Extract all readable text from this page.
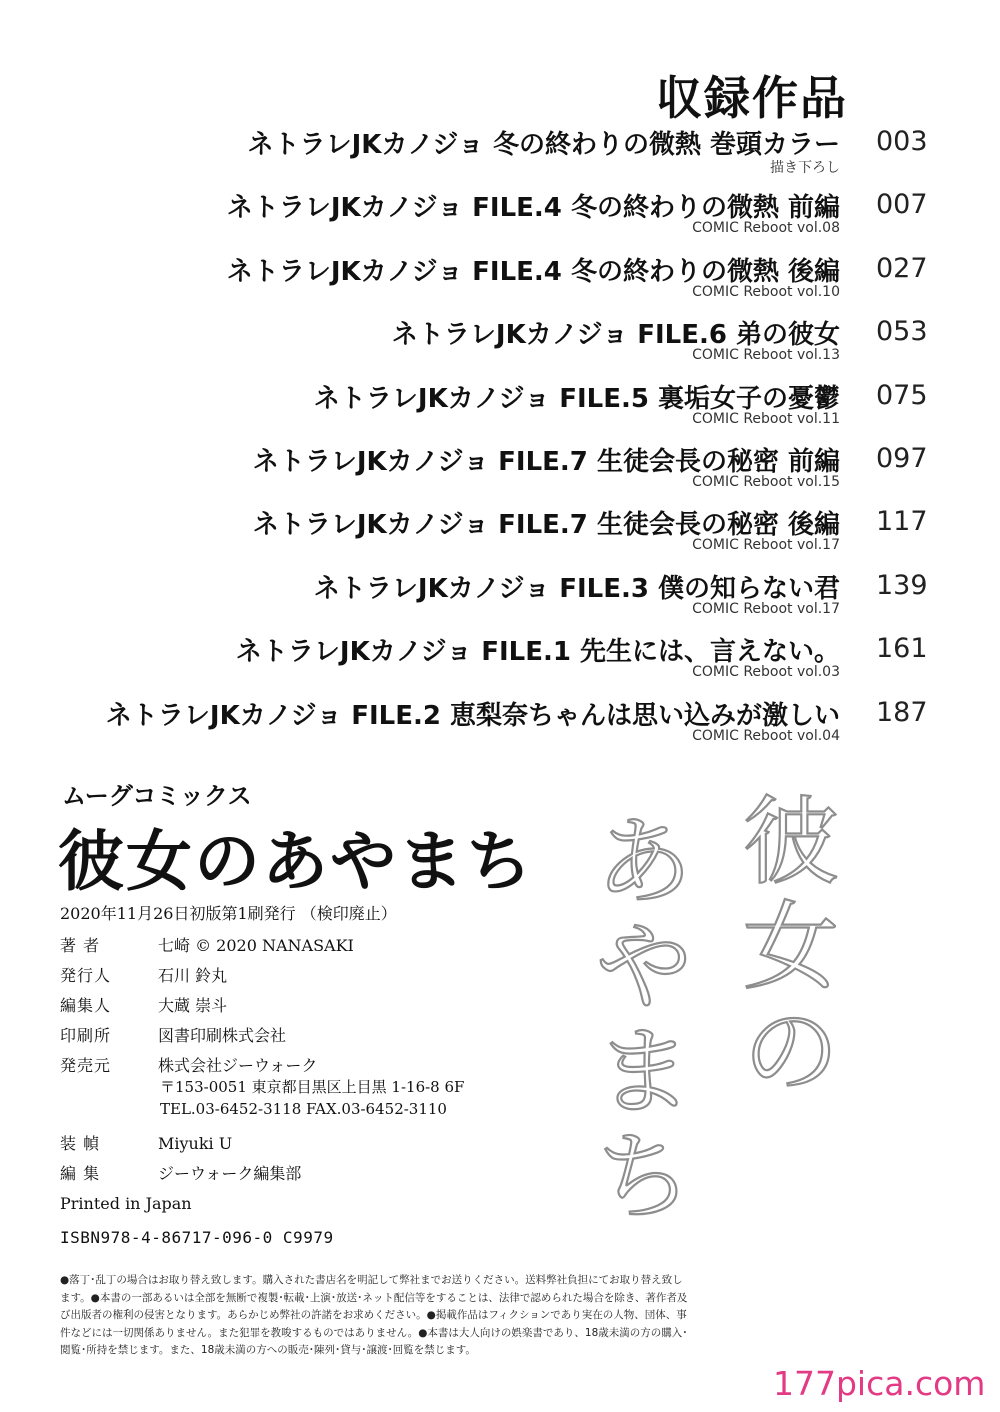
収録作品
ネトラレJKカノジョ 冬の終わりの微熱 巻頭カラー
描き下ろし
003
ネトラレJKカノジョ FILE.4 冬の終わりの微熱 前編
COMIC Reboot vol.08
007
ネトラレJKカノジョ FILE.4 冬の終わりの微熱 後編
COMIC Reboot vol.10
027
ネトラレJKカノジョ FILE.6 弟の彼女
COMIC Reboot vol.13
053
ネトラレJKカノジョ FILE.5 裏垢女子の憂鬱
COMIC Reboot vol.11
075
ネトラレJKカノジョ FILE.7 生徒会長の秘密 前編
COMIC Reboot vol.15
097
ネトラレJKカノジョ FILE.7 生徒会長の秘密 後編
COMIC Reboot vol.17
117
ネトラレJKカノジョ FILE.3 僕の知らない君
COMIC Reboot vol.17
139
ネトラレJKカノジョ FILE.1 先生には、言えない。
COMIC Reboot vol.03
161
ネトラレJKカノジョ FILE.2 恵梨奈ちゃんは思い込みが激しい
COMIC Reboot vol.04
187
ムーグコミックス
彼女のあやまち
2020年11月26日初版第1刷発行 （検印廃止）
著 者	七崎 © 2020 NANASAKI
発行人	石川 鈴丸
編集人	大蔵 崇斗
印刷所	図書印刷株式会社
発売元	株式会社ジーウォーク
〒153-0051 東京都目黒区上目黒 1-16-8 6F
TEL.03-6452-3118 FAX.03-6452-3110
装 幀	Miyuki U
編 集	ジーウォーク編集部
Printed in Japan
ISBN978-4-86717-096-0 C9979
●落丁･乱丁の場合はお取り替え致します。購入された書店名を明記して弊社までお送りください。送料弊社負担にてお取り替え致し
ます。●本書の一部あるいは全部を無断で複製･転載･上演･放送･ネット配信等をすることは、法律で認められた場合を除き、著作者及
び出版者の権利の侵害となります。あらかじめ弊社の許諾をお求めください。●掲載作品はフィクションであり実在の人物、団体、事
件などには一切関係ありません。また犯罪を教唆するものではありません。●本書は大人向けの娯楽書であり、18歳未満の方の購入･
閲覧･所持を禁じます。また、18歳未満の方への販売･陳列･貸与･譲渡･回覧を禁じます。
彼
女
の
あ
や
ま
ち
177pica.com
